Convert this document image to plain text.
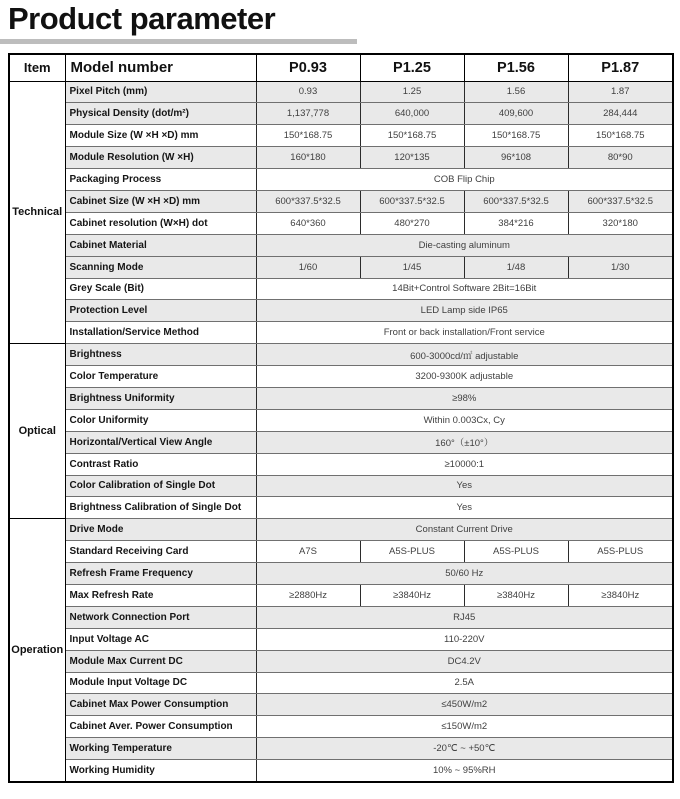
Product parameter
Item	Model number	P0.93	P1.25	P1.56	P1.87
Technical	Pixel Pitch (mm)	0.93	1.25	1.56	1.87
	Physical Density (dot/m²)	1,137,778	640,000	409,600	284,444
	Module Size (W ×H ×D) mm	150*168.75	150*168.75	150*168.75	150*168.75
	Module Resolution (W ×H)	160*180	120*135	96*108	80*90
	Packaging Process	COB Flip Chip			
	Cabinet Size (W ×H ×D) mm	600*337.5*32.5	600*337.5*32.5	600*337.5*32.5	600*337.5*32.5
	Cabinet resolution (W×H) dot	640*360	480*270	384*216	320*180
	Cabinet Material	Die-casting aluminum			
	Scanning Mode	1/60	1/45	1/48	1/30
	Grey Scale (Bit)	14Bit+Control Software 2Bit=16Bit			
	Protection Level	LED Lamp side IP65			
	Installation/Service Method	Front or back installation/Front service			
Optical	Brightness	600-3000cd/㎡ adjustable			
	Color Temperature	3200-9300K adjustable			
	Brightness Uniformity	≥98%			
	Color Uniformity	Within 0.003Cx, Cy			
	Horizontal/Vertical View Angle	160°（±10°）			
	Contrast Ratio	≥10000:1			
	Color Calibration of Single Dot	Yes			
	Brightness Calibration of Single Dot	Yes			
Operation	Drive Mode	Constant Current Drive			
	Standard Receiving Card	A7S	A5S-PLUS	A5S-PLUS	A5S-PLUS
	Refresh Frame Frequency	50/60 Hz			
	Max Refresh Rate	≥2880Hz	≥3840Hz	≥3840Hz	≥3840Hz
	Network Connection Port	RJ45			
	Input Voltage AC	110-220V			
	Module Max Current DC	DC4.2V			
	Module Input Voltage DC	2.5A			
	Cabinet Max Power Consumption	≤450W/m2			
	Cabinet Aver. Power Consumption	≤150W/m2			
	Working Temperature	-20℃ ~ +50℃			
	Working Humidity	10% ~ 95%RH			
